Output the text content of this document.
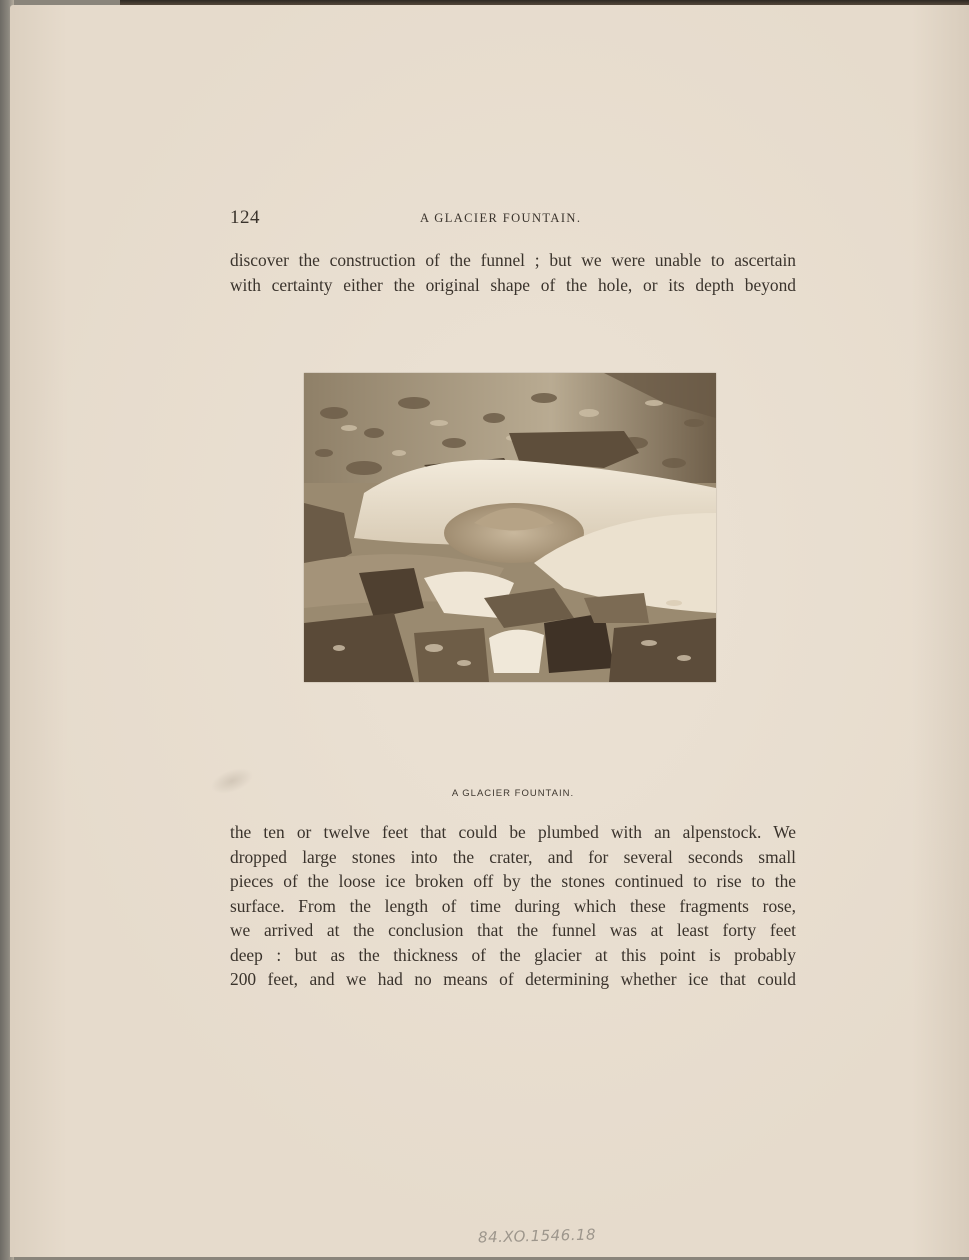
124	A GLACIER FOUNTAIN.
discover the construction of the funnel ; but we were unable to ascertain
with certainty either the original shape of the hole, or its depth beyond
A GLACIER FOUNTAIN.
the ten or twelve feet that could be plumbed with an alpenstock. We
dropped large stones into the crater, and for several seconds small
pieces of the loose ice broken off by the stones continued to rise to the
surface. From the length of time during which these fragments rose,
we arrived at the conclusion that the funnel was at least forty feet
deep : but as the thickness of the glacier at this point is probably
200 feet, and we had no means of determining whether ice that could
84.XO.1546.18
